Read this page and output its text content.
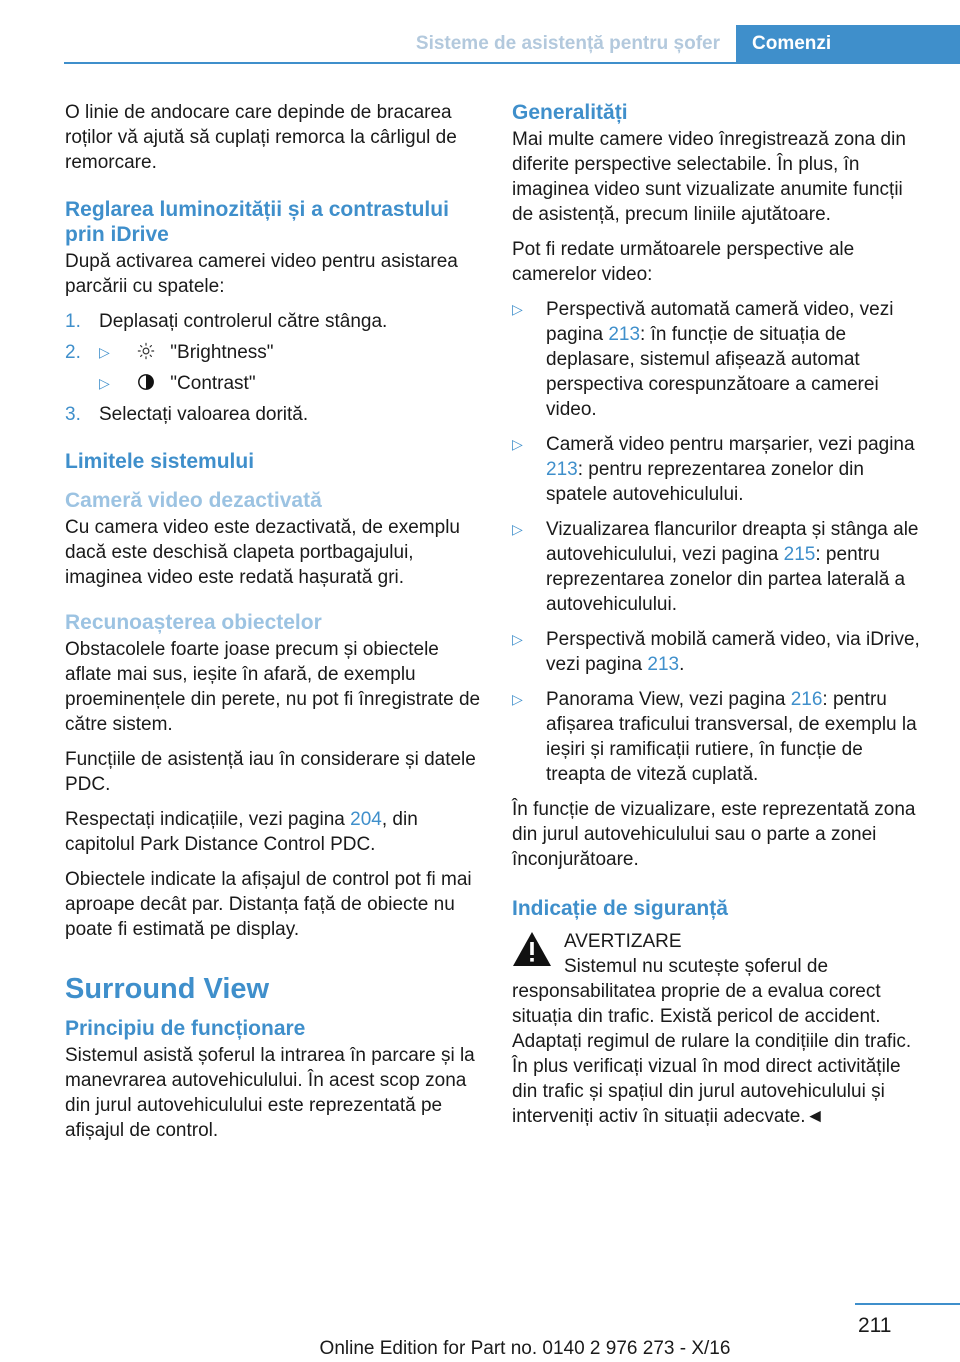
Sisteme de asistență pentru șofer	Comenzi

O linie de andocare care depinde de bracarea roților vă ajută să cuplați remorca la cârligul de remorcare.

Reglarea luminozității și a contrastului prin iDrive

După activarea camerei video pentru asistarea parcării cu spatele:

1. Deplasați controlerul către stânga.
2. ▷	"Brightness"
▷	"Contrast"
3. Selectați valoarea dorită.
Limitele sistemului
Cameră video dezactivată

Cu camera video este dezactivată, de exemplu dacă este deschisă clapeta portbagajului, imaginea video este redată hașurată gri.

Recunoașterea obiectelor

Obstacolele foarte joase precum și obiectele aflate mai sus, ieșite în afară, de exemplu proeminențele din perete, nu pot fi înregistrate de către sistem.

Funcțiile de asistență iau în considerare și datele PDC.

Respectați indicațiile, vezi pagina 204, din capitolul Park Distance Control PDC.

Obiectele indicate la afișajul de control pot fi mai aproape decât par. Distanța față de obiecte nu poate fi estimată pe display.

Surround View
Principiu de funcționare

Sistemul asistă șoferul la intrarea în parcare și la manevrarea autovehiculului. În acest scop zona din jurul autovehiculului este reprezentată pe afișajul de control.

Generalități

Mai multe camere video înregistrează zona din diferite perspective selectabile. În plus, în imaginea video sunt vizualizate anumite funcții de asistență, precum liniile ajutătoare.

Pot fi redate următoarele perspective ale camerelor video:

▷ Perspectivă automată cameră video, vezi pagina 213: în funcție de situația de deplasare, sistemul afișează automat perspectiva corespunzătoare a camerei video.
▷ Cameră video pentru marșarier, vezi pagina 213: pentru reprezentarea zonelor din spatele autovehiculului.
▷ Vizualizarea flancurilor dreapta și stânga ale autovehiculului, vezi pagina 215: pentru reprezentarea zonelor din partea laterală a autovehiculului.
▷ Perspectivă mobilă cameră video, via iDrive, vezi pagina 213.
▷ Panorama View, vezi pagina 216: pentru afișarea traficului transversal, de exemplu la ieșiri și ramificații rutiere, în funcție de treapta de viteză cuplată.

În funcție de vizualizare, este reprezentată zona din jurul autovehiculului sau o parte a zonei înconjurătoare.

Indicație de siguranță

AVERTIZARE

Sistemul nu scutește șoferul de responsabilitatea proprie de a evalua corect situația din trafic. Există pericol de accident. Adaptați regimul de rulare la condițiile din trafic. În plus verificați vizual în mod direct activitățile din trafic și spațiul din jurul autovehiculului și interveniți activ în situații adecvate.◄

211
Online Edition for Part no. 0140 2 976 273 - X/16
